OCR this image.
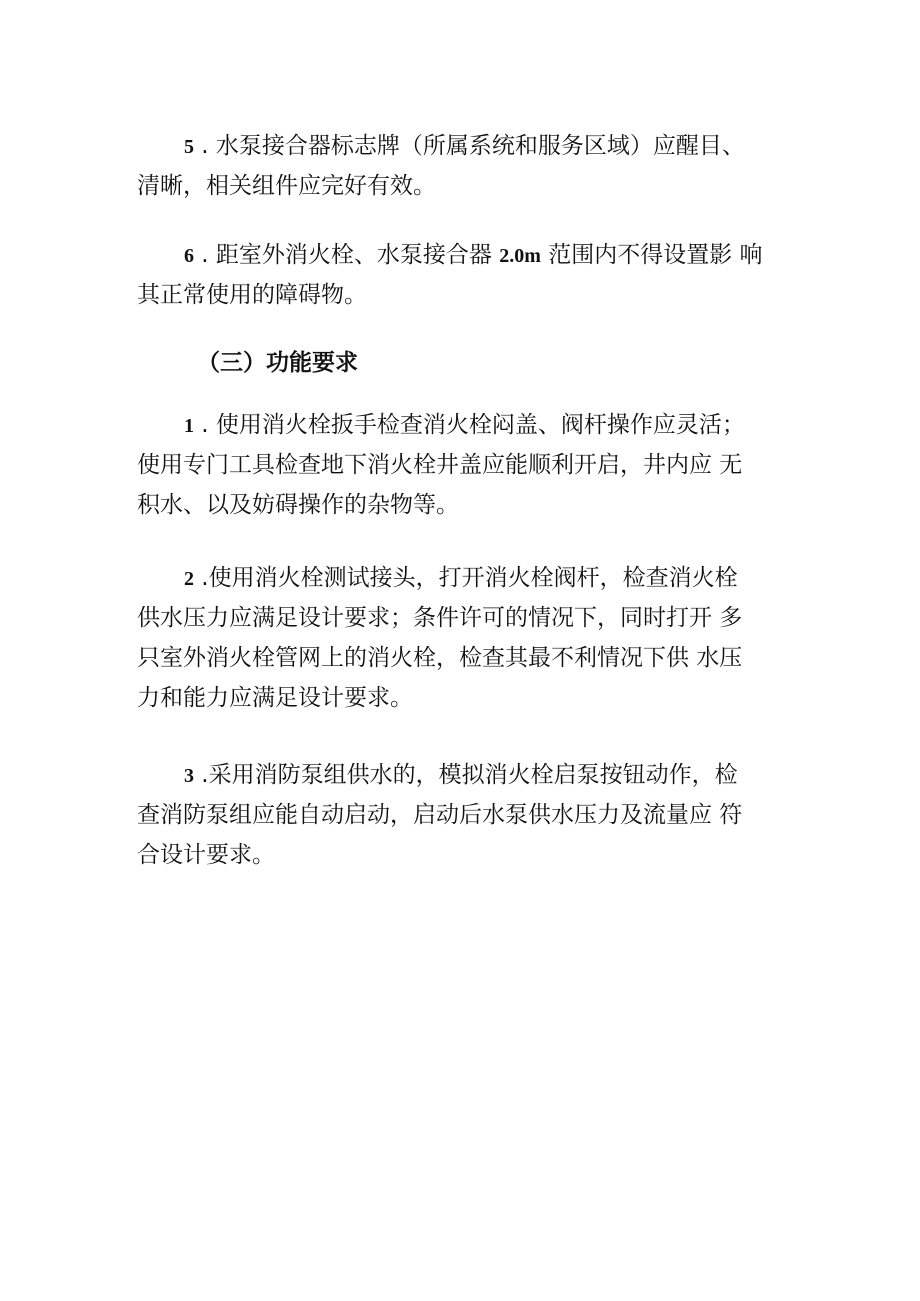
5 . 水泵接合器标志牌（所属系统和服务区域）应醒目、
清晰，相关组件应完好有效。
6 . 距室外消火栓、水泵接合器 2.0m 范围内不得设置影 响
其正常使用的障碍物。
（三）功能要求
1 . 使用消火栓扳手检查消火栓闷盖、阀杆操作应灵活；
使用专门工具检查地下消火栓井盖应能顺利开启，井内应 无
积水、以及妨碍操作的杂物等。
2 .使用消火栓测试接头，打开消火栓阀杆，检查消火栓
供水压力应满足设计要求；条件许可的情况下，同时打开 多
只室外消火栓管网上的消火栓，检查其最不利情况下供 水压
力和能力应满足设计要求。
3 .采用消防泵组供水的，模拟消火栓启泵按钮动作，检
查消防泵组应能自动启动，启动后水泵供水压力及流量应 符
合设计要求。
